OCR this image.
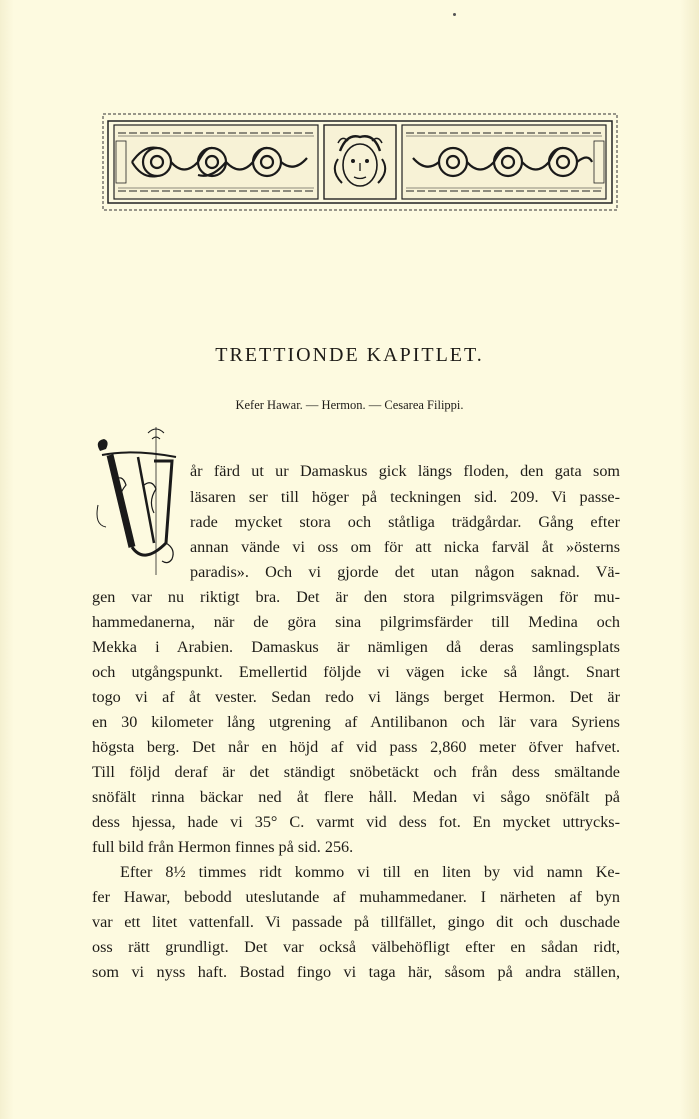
TRETTIONDE KAPITLET.
Kefer Hawar. — Hermon. — Cesarea Filippi.
år färd ut ur Damaskus gick längs floden, den gata som
läsaren ser till höger på teckningen sid. 209. Vi passe-
rade mycket stora och ståtliga trädgårdar. Gång efter
annan vände vi oss om för att nicka farväl åt »österns
paradis». Och vi gjorde det utan någon saknad. Vä-
gen var nu riktigt bra. Det är den stora pilgrimsvägen för mu-
hammedanerna, när de göra sina pilgrimsfärder till Medina och
Mekka i Arabien. Damaskus är nämligen då deras samlingsplats
och utgångspunkt. Emellertid följde vi vägen icke så långt. Snart
togo vi af åt vester. Sedan redo vi längs berget Hermon. Det är
en 30 kilometer lång utgrening af Antilibanon och lär vara Syriens
högsta berg. Det når en höjd af vid pass 2,860 meter öfver hafvet.
Till följd deraf är det ständigt snöbetäckt och från dess smältande
snöfält rinna bäckar ned åt flere håll. Medan vi sågo snöfält på
dess hjessa, hade vi 35° C. varmt vid dess fot. En mycket uttrycks-
full bild från Hermon finnes på sid. 256.
Efter 8½ timmes ridt kommo vi till en liten by vid namn Ke-
fer Hawar, bebodd uteslutande af muhammedaner. I närheten af byn
var ett litet vattenfall. Vi passade på tillfället, gingo dit och duschade
oss rätt grundligt. Det var också välbehöfligt efter en sådan ridt,
som vi nyss haft. Bostad fingo vi taga här, såsom på andra ställen,
